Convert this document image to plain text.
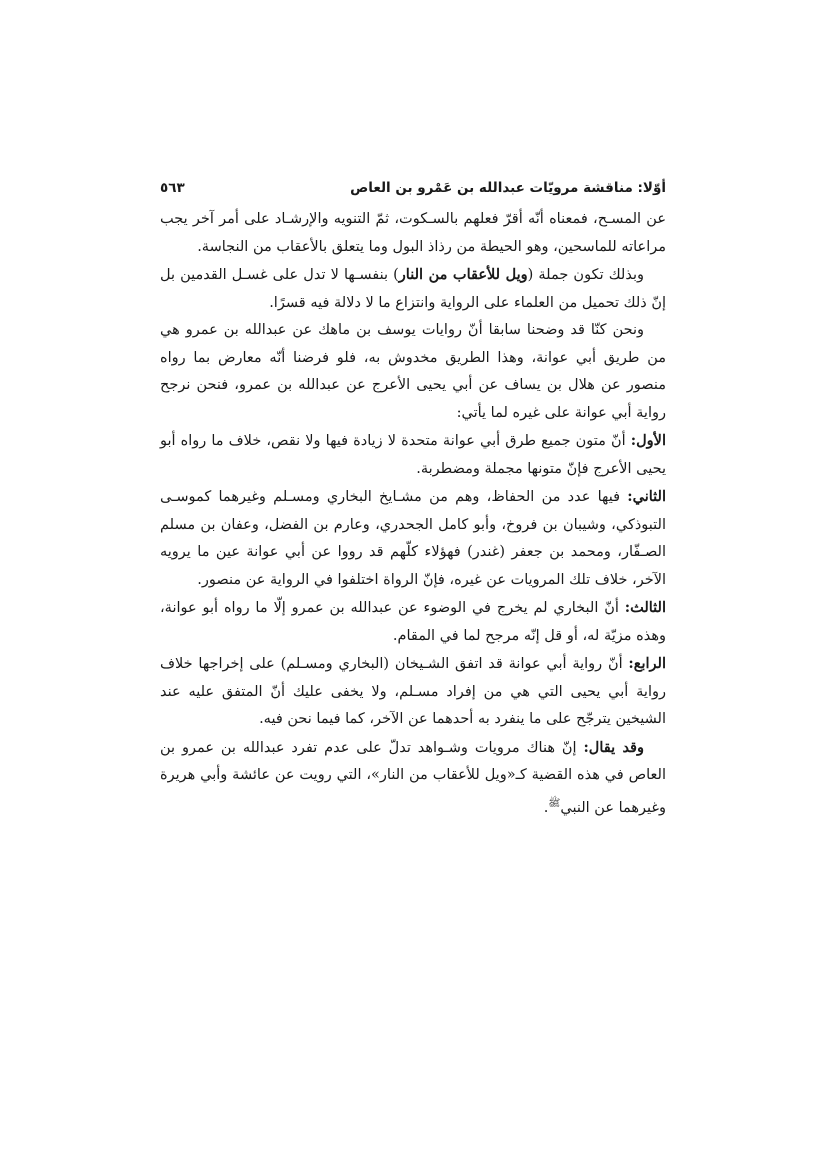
أوّلا: مناقشة مرويّات عبدالله بن عَمْرو بن العاص
٥٦٣

عن المسـح، فمعناه أنّه أقرّ فعلهم بالسـكوت، ثمّ التنويه والإرشـاد على أمر آخر يجب مراعاته للماسحين، وهو الحيطة من رذاذ البول وما يتعلق بالأعقاب من النجاسة.

وبذلك تكون جملة (ويل للأعقاب من النار) بنفسـها لا تدل على غسـل القدمين بل إنّ ذلك تحميل من العلماء على الرواية وانتزاع ما لا دلالة فيه قسرًا.

ونحن كنّا قد وضحنا سابقا أنّ روايات يوسف بن ماهك عن عبدالله بن عمرو هي من طريق أبي عوانة، وهذا الطريق مخدوش به، فلو فرضنا أنّه معارض بما رواه منصور عن هلال بن يساف عن أبي يحيى الأعرج عن عبدالله بن عمرو، فنحن نرجح رواية أبي عوانة على غيره لما يأتي:

الأول: أنّ متون جميع طرق أبي عوانة متحدة لا زيادة فيها ولا نقص، خلاف ما رواه أبو يحيى الأعرج فإنّ متونها مجملة ومضطربة.

الثاني: فيها عدد من الحفاظ، وهم من مشـايخ البخاري ومسـلم وغيرهما كموسـى التبوذكي، وشيبان بن فروخ، وأبو كامل الجحدري، وعارم بن الفضل، وعفان بن مسلم الصـفّار، ومحمد بن جعفر (غندر) فهؤلاء كلّهم قد رووا عن أبي عوانة عين ما يرويه الآخر، خلاف تلك المرويات عن غيره، فإنّ الرواة اختلفوا في الرواية عن منصور.

الثالث: أنّ البخاري لم يخرج في الوضوء عن عبدالله بن عمرو إلّا ما رواه أبو عوانة، وهذه مزيّة له، أو قل إنّه مرجح لما في المقام.

الرابع: أنّ رواية أبي عوانة قد اتفق الشـيخان (البخاري ومسـلم) على إخراجها خلاف رواية أبي يحيى التي هي من إفراد مسـلم، ولا يخفى عليك أنّ المتفق عليه عند الشيخين يترجّح على ما ينفرد به أحدهما عن الآخر، كما فيما نحن فيه.

وقد يقال: إنّ هناك مرويات وشـواهد تدلّ على عدم تفرد عبدالله بن عمرو بن العاص في هذه القضية كـ«ويل للأعقاب من النار»، التي رويت عن عائشة وأبي هريرة وغيرهما عن النبي$^ﷺ$.
